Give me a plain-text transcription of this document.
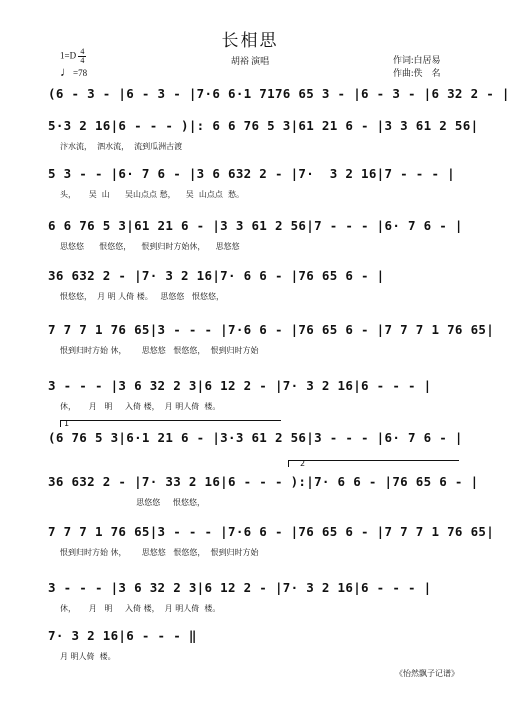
长相思
胡裕 演唱
$1=D \frac{4}{4}$
♩=78
作词:白居易
作曲:佚　名
(6 - 3 - |6 - 3 - |7·6 6·1 7176 65 3 - |6 - 3 - |6 32 2 - |
5·3 2 16|6 - - - )|: 6 6 76 5 3|61 21 6 - |3 3 61 2 56|
汴水流，  泗水流，  流到瓜洲古渡
5 3 - - |6· 7 6 - |3 6 632 2 - |7·  3 2 16|7 - - - |
头，     吴  山      吴山点点 愁，    吴  山点点  愁。
6 6 76 5 3|61 21 6 - |3 3 61 2 56|7 - - - |6· 7 6 - |
思悠悠      恨悠悠，    恨到归时方始休，    思悠悠
36 632 2 - |7· 3 2 16|7· 6 6 - |76 65 6 - |
恨悠悠，  月 明 人倚 楼。   思悠悠   恨悠悠，
7 7 7 1 76 65|3 - - - |7·6 6 - |76 65 6 - |7 7 7 1 76 65|
恨到归时方始 休，      思悠悠   恨悠悠，  恨到归时方始
3 - - - |3 6 32 2 3|6 12 2 - |7· 3 2 16|6 - - - |
休，     月   明     入倚 楼，  月 明人倚  楼。
1
(6 76 5 3|6·1 21 6 - |3·3 61 2 56|3 - - - |6· 7 6 - |
2
36 632 2 - |7· 33 2 16|6 - - - ):|7· 6 6 - |76 65 6 - |
思悠悠     恨悠悠，
7 7 7 1 76 65|3 - - - |7·6 6 - |76 65 6 - |7 7 7 1 76 65|
恨到归时方始 休，      思悠悠   恨悠悠，  恨到归时方始
3 - - - |3 6 32 2 3|6 12 2 - |7· 3 2 16|6 - - - |
休，     月   明     入倚 楼，  月 明人倚  楼。
7· 3 2 16|6 - - - ‖
月 明人倚  楼。
《怡然飘子记谱》
